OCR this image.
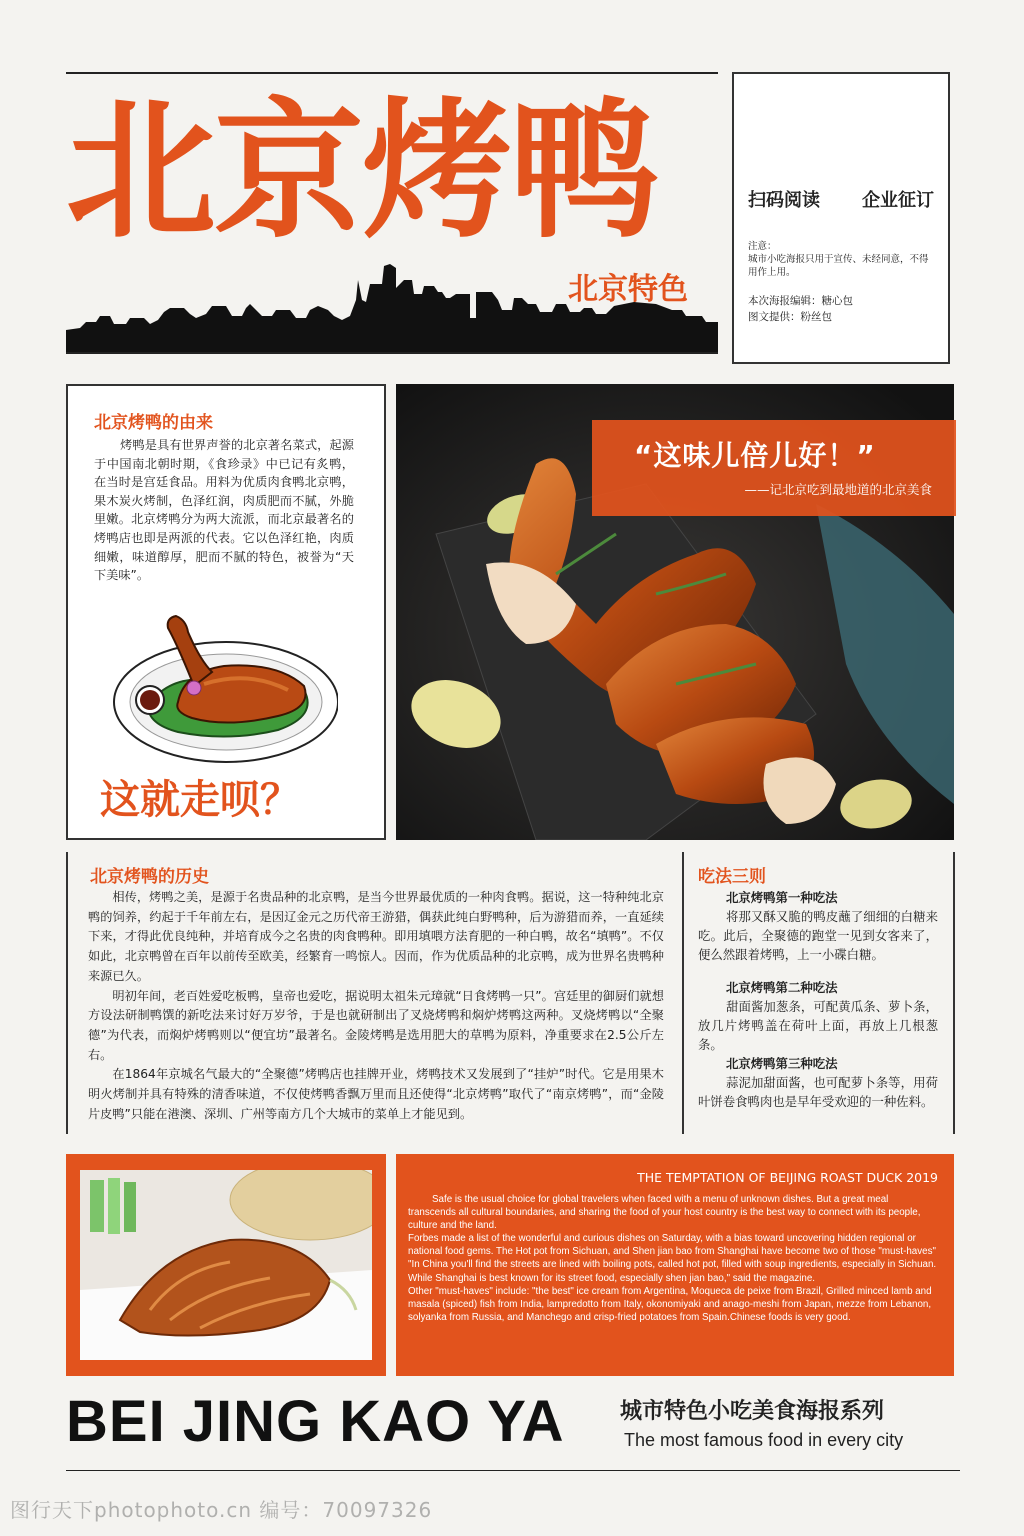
北京烤鸭
北京特色
扫码阅读 企业征订
注意：
城市小吃海报只用于宣传、未经同意，不得用作上用。
本次海报编辑：糖心包
图文提供：粉丝包
北京烤鸭的由来
烤鸭是具有世界声誉的北京著名菜式，起源于中国南北朝时期，《食珍录》中已记有炙鸭，在当时是宫廷食品。用料为优质肉食鸭北京鸭，果木炭火烤制，色泽红润，肉质肥而不腻，外脆里嫩。北京烤鸭分为两大流派，而北京最著名的烤鸭店也即是两派的代表。它以色泽红艳，肉质细嫩，味道醇厚，肥而不腻的特色，被誉为“天下美味”。
这就走呗？
“这味儿倍儿好！”
——记北京吃到最地道的北京美食
北京烤鸭的历史

相传，烤鸭之美，是源于名贵品种的北京鸭，是当今世界最优质的一种肉食鸭。据说，这一特种纯北京鸭的饲养，约起于千年前左右，是因辽金元之历代帝王游猎，偶获此纯白野鸭种，后为游猎而养，一直延续下来，才得此优良纯种，并培育成今之名贵的肉食鸭种。即用填喂方法育肥的一种白鸭，故名“填鸭”。不仅如此，北京鸭曾在百年以前传至欧美，经繁育一鸣惊人。因而，作为优质品种的北京鸭，成为世界名贵鸭种来源已久。

明初年间，老百姓爱吃板鸭，皇帝也爱吃，据说明太祖朱元璋就“日食烤鸭一只”。宫廷里的御厨们就想方设法研制鸭馔的新吃法来讨好万岁爷，于是也就研制出了叉烧烤鸭和焖炉烤鸭这两种。叉烧烤鸭以“全聚德”为代表，而焖炉烤鸭则以“便宜坊”最著名。金陵烤鸭是选用肥大的草鸭为原料，净重要求在2.5公斤左右。

在1864年京城名气最大的“全聚德”烤鸭店也挂牌开业，烤鸭技术又发展到了“挂炉”时代。它是用果木明火烤制并具有特殊的清香味道，不仅使烤鸭香飘万里而且还使得“北京烤鸭”取代了“南京烤鸭”，而“金陵片皮鸭”只能在港澳、深圳、广州等南方几个大城市的菜单上才能见到。

吃法三则
北京烤鸭第一种吃法
将那又酥又脆的鸭皮蘸了细细的白糖来吃。此后，全聚德的跑堂一见到女客来了，便么然跟着烤鸭，上一小碟白糖。
北京烤鸭第二种吃法
甜面酱加葱条，可配黄瓜条、萝卜条，放几片烤鸭盖在荷叶上面，再放上几根葱条。
北京烤鸭第三种吃法
蒜泥加甜面酱，也可配萝卜条等，用荷叶饼卷食鸭肉也是早年受欢迎的一种佐料。
THE TEMPTATION OF BEIJING ROAST DUCK 2019

Safe is the usual choice for global travelers when faced with a menu of unknown dishes. But a great meal transcends all cultural boundaries, and sharing the food of your host country is the best way to connect with its people, culture and the land.

Forbes made a list of the wonderful and curious dishes on Saturday, with a bias toward uncovering hidden regional or national food gems. The Hot pot from Sichuan, and Shen jian bao from Shanghai have become two of those "must-haves"

"In China you'll find the streets are lined with boiling pots, called hot pot, filled with soup ingredients, especially in Sichuan. While Shanghai is best known for its street food, especially shen jian bao," said the magazine.

Other "must-haves" include: "the best" ice cream from Argentina, Moqueca de peixe from Brazil, Grilled minced lamb and masala (spiced) fish from India, lampredotto from Italy, okonomiyaki and anago-meshi from Japan, mezze from Lebanon, solyanka from Russia, and Manchego and crisp-fried potatoes from Spain.Chinese foods is very good.

BEI JING KAO YA	城市特色小吃美食海报系列
The most famous food in every city
图行天下photophoto.cn 编号：70097326
